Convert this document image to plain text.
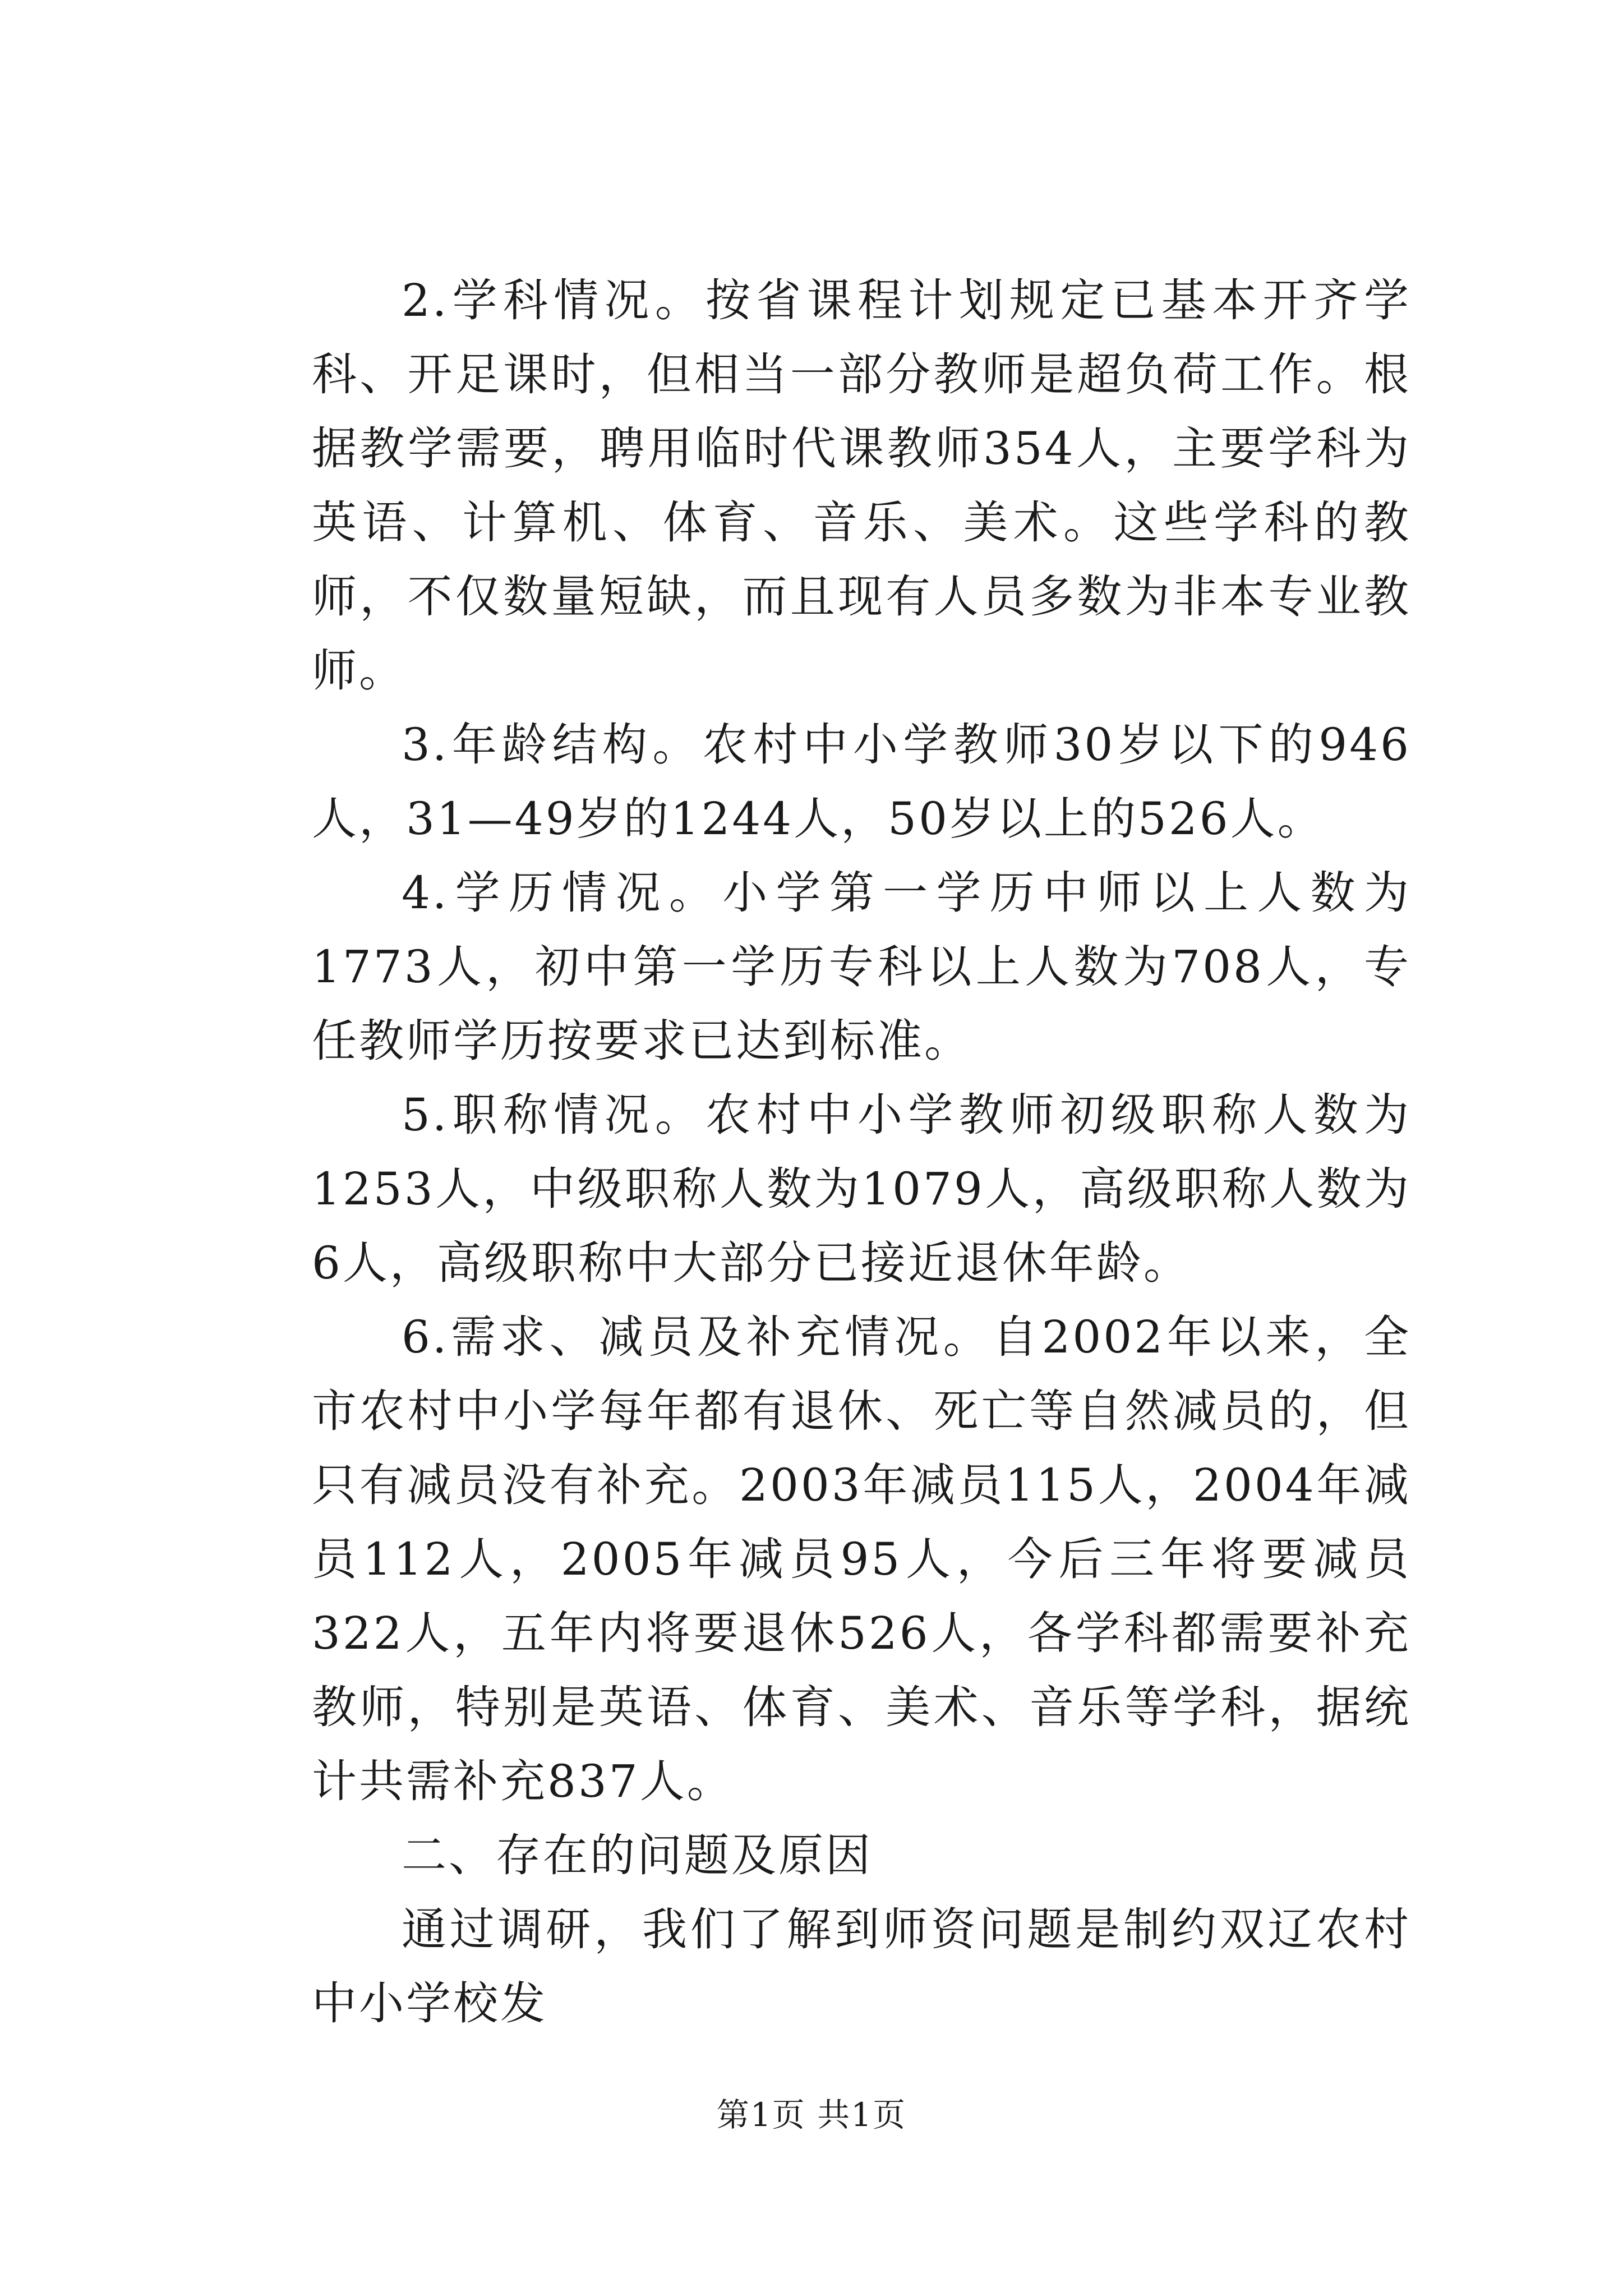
2.学科情况。按省课程计划规定已基本开齐学科、开足课时，但相当一部分教师是超负荷工作。根据教学需要，聘用临时代课教师354人，主要学科为英语、计算机、体育、音乐、美术。这些学科的教师，不仅数量短缺，而且现有人员多数为非本专业教师。

3.年龄结构。农村中小学教师30岁以下的946人，31—49岁的1244人，50岁以上的526人。

4.学历情况。小学第一学历中师以上人数为1773人，初中第一学历专科以上人数为708人，专任教师学历按要求已达到标准。

5.职称情况。农村中小学教师初级职称人数为1253人，中级职称人数为1079人，高级职称人数为6人，高级职称中大部分已接近退休年龄。

6.需求、减员及补充情况。自2002年以来，全市农村中小学每年都有退休、死亡等自然减员的，但只有减员没有补充。2003年减员115人，2004年减员112人，2005年减员95人，今后三年将要减员322人，五年内将要退休526人，各学科都需要补充教师，特别是英语、体育、美术、音乐等学科，据统计共需补充837人。

二、存在的问题及原因

通过调研，我们了解到师资问题是制约双辽农村中小学校发

第1页 共1页
